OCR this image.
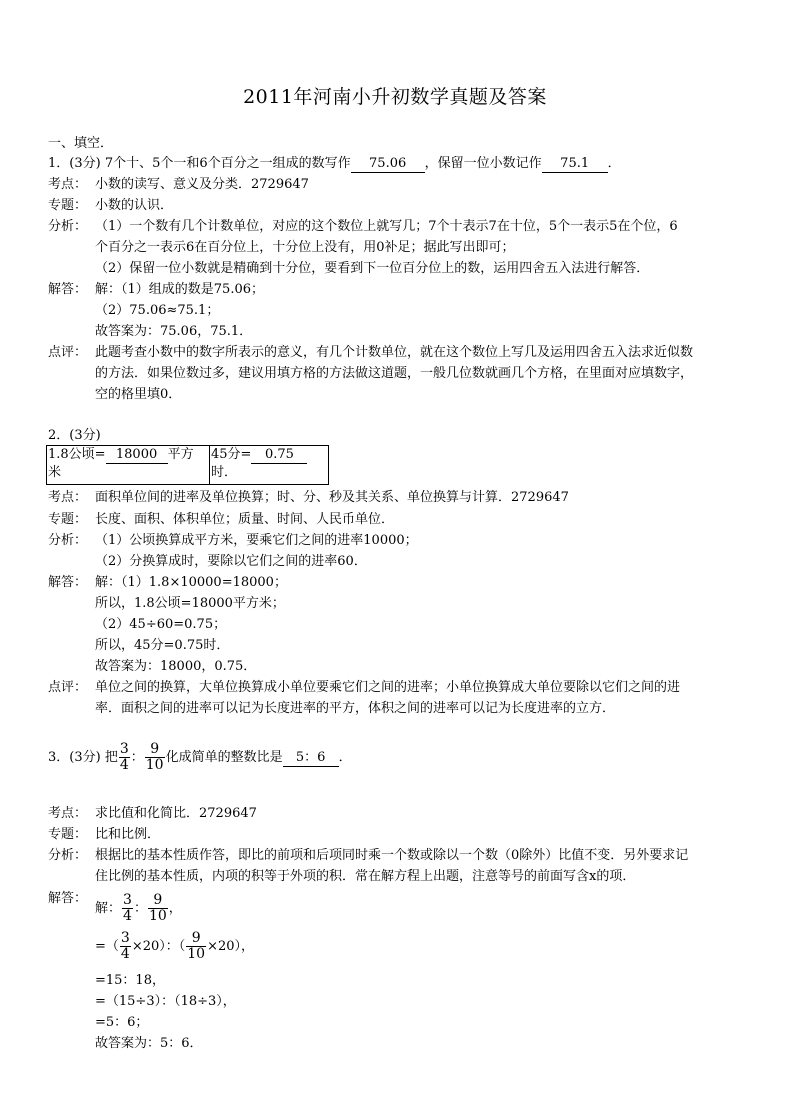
2011年河南小升初数学真题及答案
一、填空．
1．(3分) 7个十、5个一和6个百分之一组成的数写作 75.06 ，保留一位小数记作 75.1 ．
考点： 小数的读写、意义及分类．2729647
专题： 小数的认识．
分析： （1）一个数有几个计数单位，对应的这个数位上就写几；7个十表示7在十位，5个一表示5在个位，6
个百分之一表示6在百分位上，十分位上没有，用0补足；据此写出即可；
（2）保留一位小数就是精确到十分位，要看到下一位百分位上的数，运用四舍五入法进行解答．
解答： 解：（1）组成的数是75.06；
（2）75.06≈75.1；
故答案为：75.06，75.1．
点评： 此题考查小数中的数字所表示的意义，有几个计数单位，就在这个数位上写几及运用四舍五入法求近似数
的方法．如果位数过多，建议用填方格的方法做这道题，一般几位数就画几个方格，在里面对应填数字，
空的格里填0．
2．(3分)
1.8公顷= 18000 平方
米	45分= 0.75
时．
考点： 面积单位间的进率及单位换算；时、分、秒及其关系、单位换算与计算．2729647
专题： 长度、面积、体积单位；质量、时间、人民币单位．
分析： （1）公顷换算成平方米，要乘它们之间的进率10000；
（2）分换算成时，要除以它们之间的进率60．
解答： 解：（1）1.8×10000=18000；
所以，1.8公顷=18000平方米；
（2）45÷60=0.75；
所以，45分=0.75时．
故答案为：18000，0.75．
点评： 单位之间的换算，大单位换算成小单位要乘它们之间的进率；小单位换算成大单位要除以它们之间的进
率．面积之间的进率可以记为长度进率的平方，体积之间的进率可以记为长度进率的立方．
3．(3分) 把 $\frac{3}{4}$ ： $\frac{9}{10}$ 化成简单的整数比是 5：6 ．
考点： 求比值和化简比．2729647
专题： 比和比例．
分析： 根据比的基本性质作答，即比的前项和后项同时乘一个数或除以一个数（0除外）比值不变．另外要求记
住比例的基本性质，内项的积等于外项的积．常在解方程上出题，注意等号的前面写含x的项．
解答：
解： $\frac{3}{4}$ ： $\frac{9}{10}$ ，
=（ $\frac{3}{4} \times 20$）：（ $\frac{9}{10} \times 20$），
=15：18，
=（15÷3）：（18÷3），
=5：6；
故答案为：5：6．
